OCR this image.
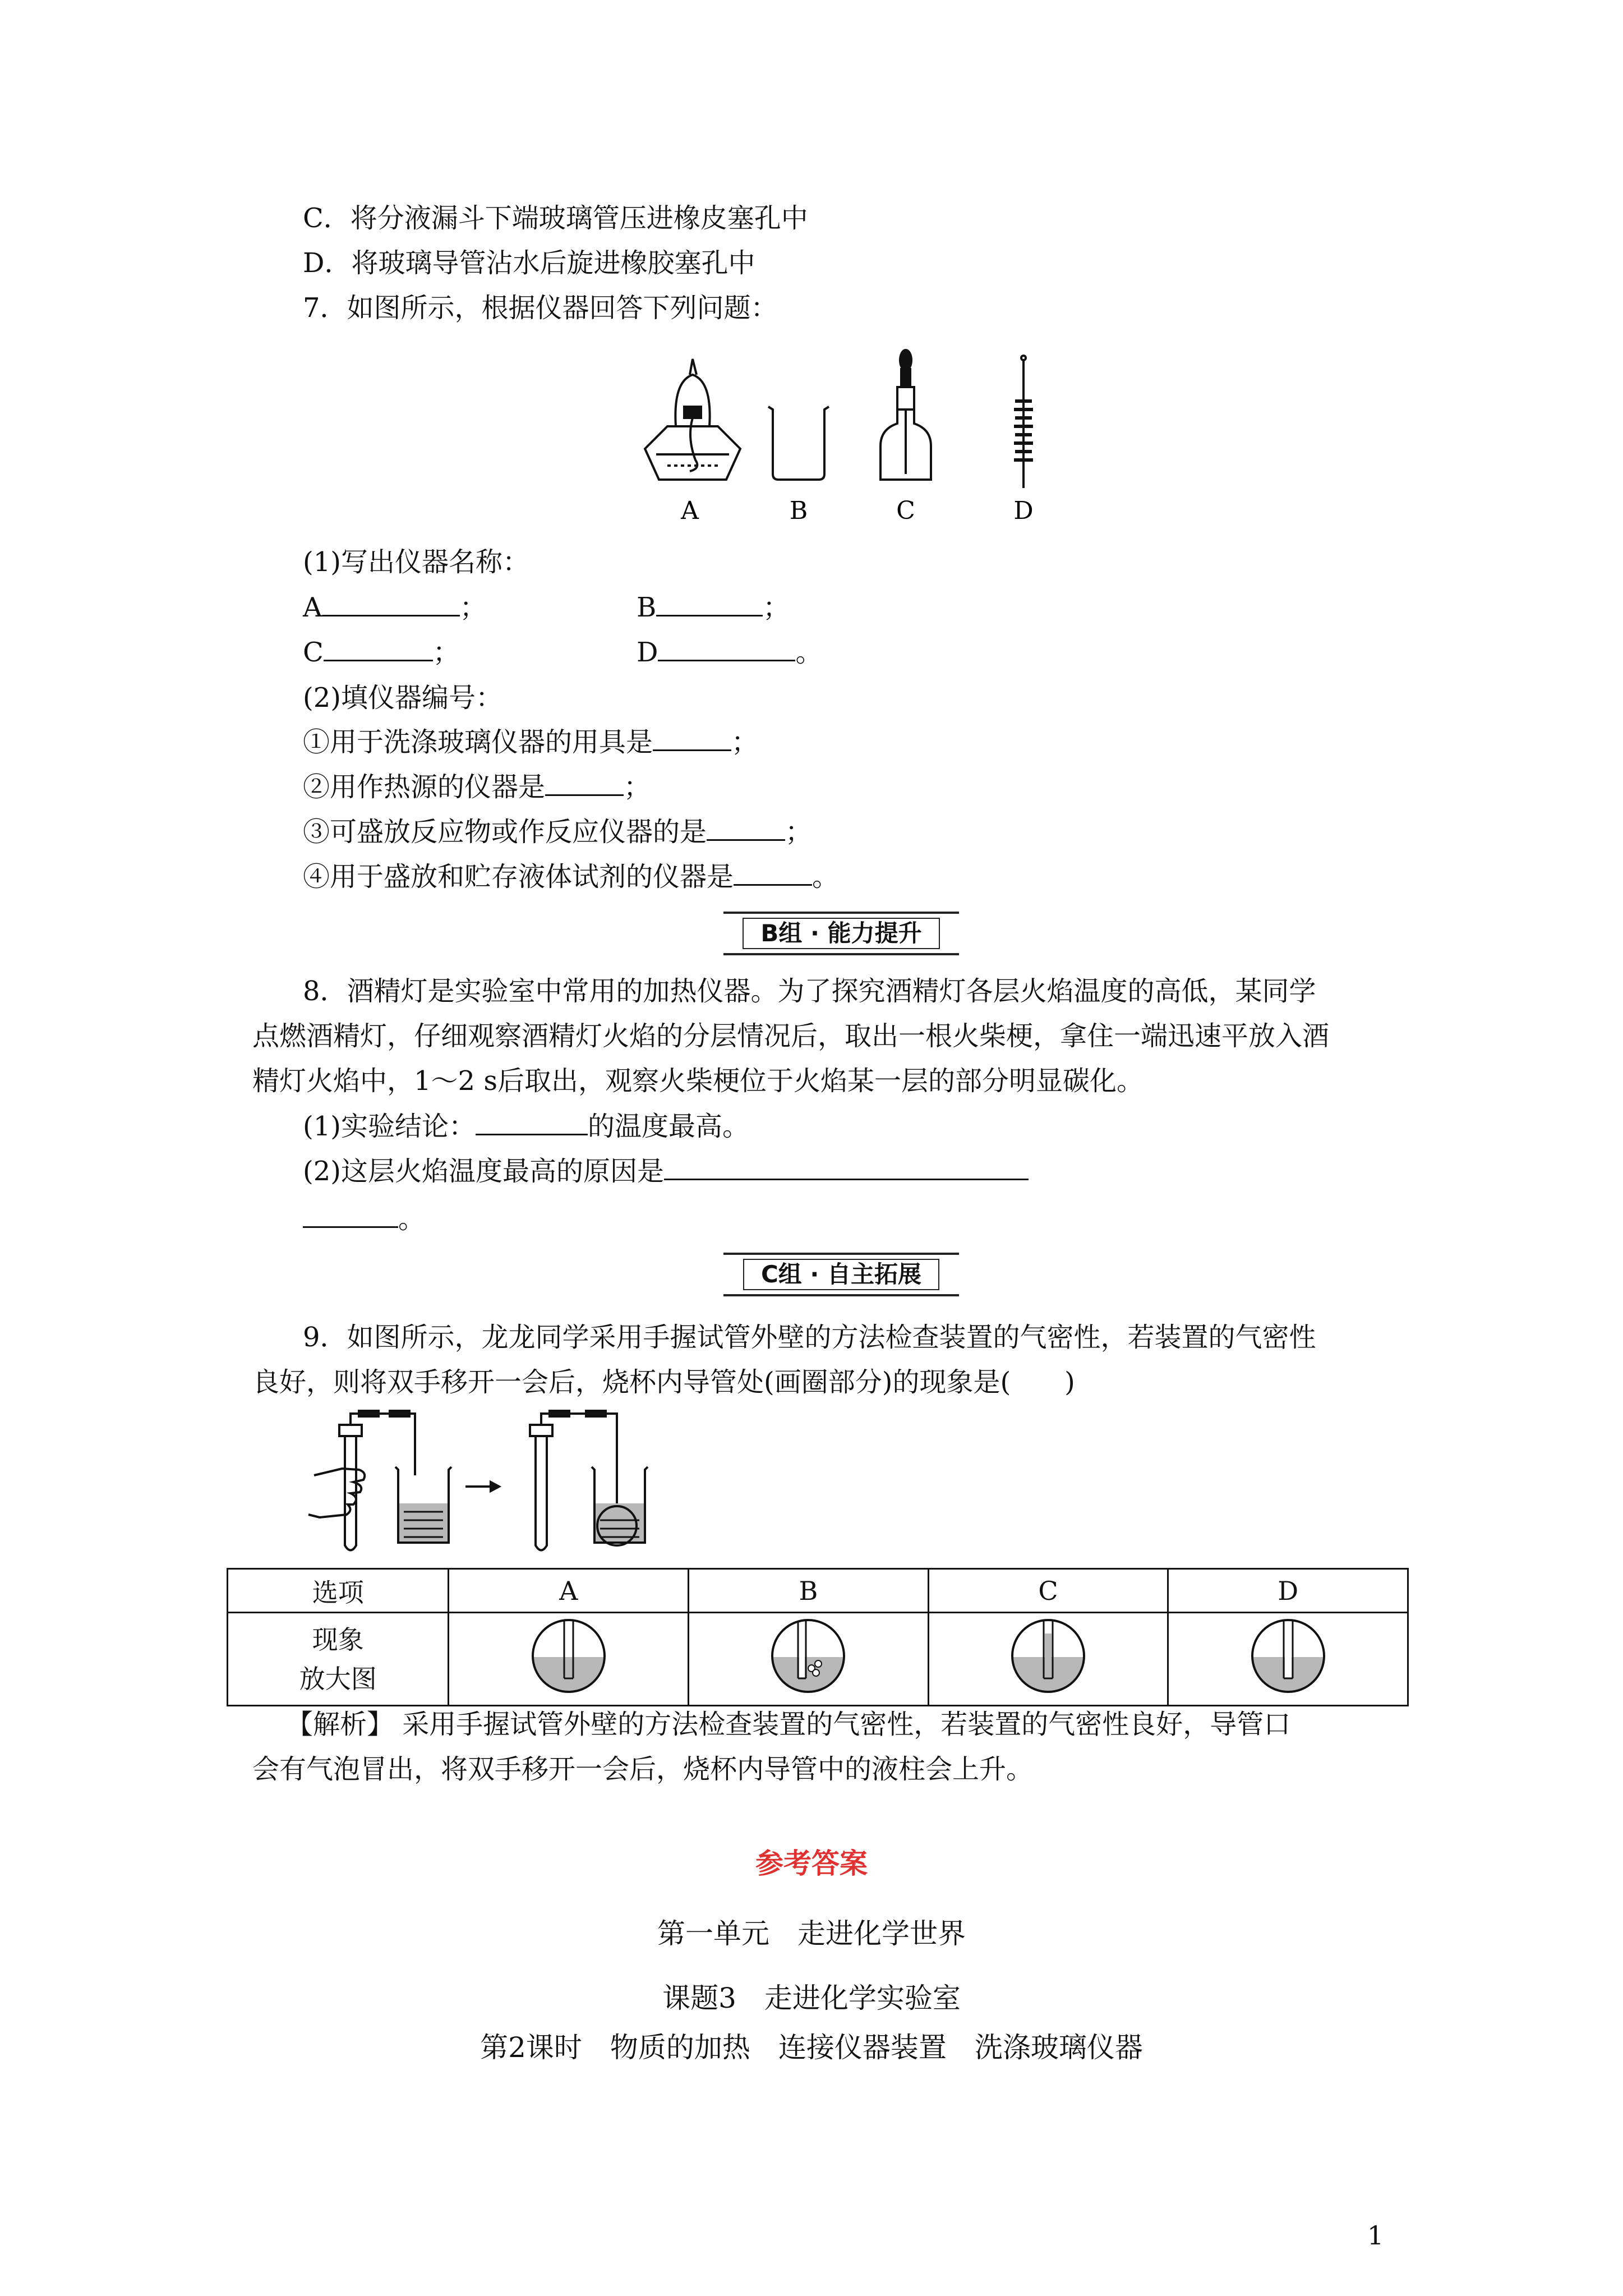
C．将分液漏斗下端玻璃管压进橡皮塞孔中
D．将玻璃导管沾水后旋进橡胶塞孔中
7．如图所示，根据仪器回答下列问题：
A	B	C	D
(1)写出仪器名称：
A	；	B	；
C	；	D	。
(2)填仪器编号：
①用于洗涤玻璃仪器的用具是	；
②用作热源的仪器是	；
③可盛放反应物或作反应仪器的是	；
④用于盛放和贮存液体试剂的仪器是	。
B组 · 能力提升
8．酒精灯是实验室中常用的加热仪器。为了探究酒精灯各层火焰温度的高低，某同学
点燃酒精灯，仔细观察酒精灯火焰的分层情况后，取出一根火柴梗，拿住一端迅速平放入酒
精灯火焰中，1～2 s后取出，观察火柴梗位于火焰某一层的部分明显碳化。
(1)实验结论：	的温度最高。
(2)这层火焰温度最高的原因是
。
C组 · 自主拓展
9．如图所示，龙龙同学采用手握试管外壁的方法检查装置的气密性，若装置的气密性
良好，则将双手移开一会后，烧杯内导管处(画圈部分)的现象是(　　)
选项	A	B	C	D

现象
放大图

【解析】 采用手握试管外壁的方法检查装置的气密性，若装置的气密性良好，导管口
会有气泡冒出，将双手移开一会后，烧杯内导管中的液柱会上升。
参考答案
第一单元　走进化学世界
课题3　走进化学实验室
第2课时　物质的加热　连接仪器装置　洗涤玻璃仪器
1
